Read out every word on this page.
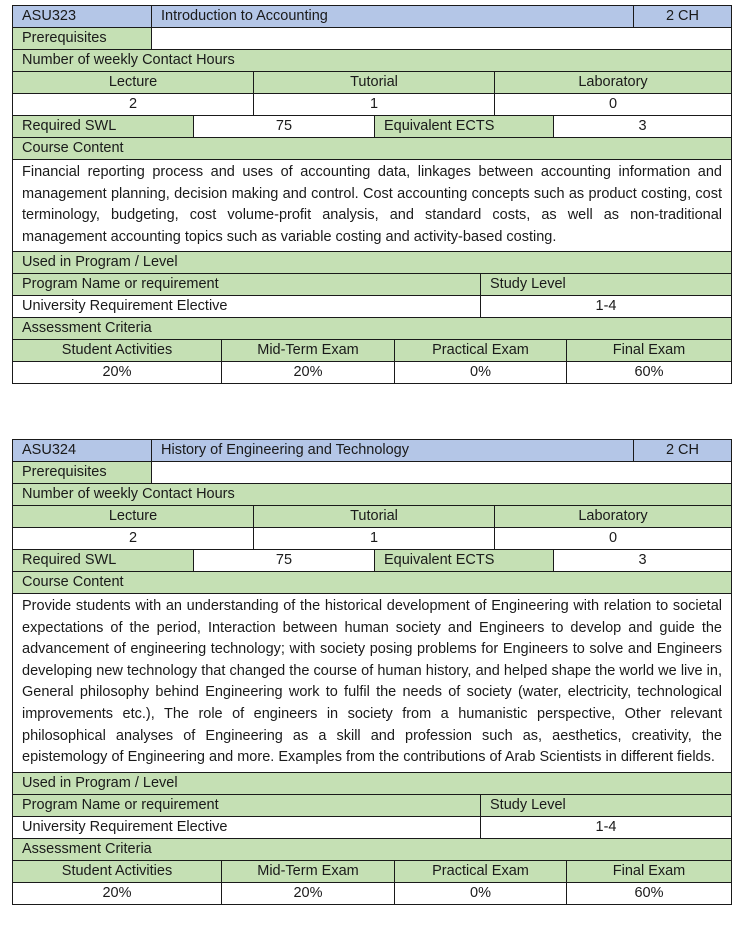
ASU323	Introduction to Accounting	2 CH

Prerequisites	

Number of weekly Contact Hours

Lecture	Tutorial	Laboratory

2	1	0

Required SWL	75	Equivalent ECTS	3

Course Content
Financial reporting process and uses of accounting data, linkages between accounting information and management planning, decision making and control. Cost accounting concepts such as product costing, cost terminology, budgeting, cost volume-profit analysis, and standard costs, as well as non-traditional management accounting topics such as variable costing and activity-based costing.
Used in Program / Level

Program Name or requirement	Study Level

University Requirement Elective	1-4

Assessment Criteria

Student Activities	Mid-Term Exam	Practical Exam	Final Exam

20%	20%	0%	60%
ASU324	History of Engineering and Technology	2 CH

Prerequisites	

Number of weekly Contact Hours

Lecture	Tutorial	Laboratory

2	1	0

Required SWL	75	Equivalent ECTS	3

Course Content
Provide students with an understanding of the historical development of Engineering with relation to societal expectations of the period, Interaction between human society and Engineers to develop and guide the advancement of engineering technology; with society posing problems for Engineers to solve and Engineers developing new technology that changed the course of human history, and helped shape the world we live in, General philosophy behind Engineering work to fulfil the needs of society (water, electricity, technological improvements etc.), The role of engineers in society from a humanistic perspective, Other relevant philosophical analyses of Engineering as a skill and profession such as, aesthetics, creativity, the epistemology of Engineering and more. Examples from the contributions of Arab Scientists in different fields.
Used in Program / Level

Program Name or requirement	Study Level

University Requirement Elective	1-4

Assessment Criteria

Student Activities	Mid-Term Exam	Practical Exam	Final Exam

20%	20%	0%	60%
